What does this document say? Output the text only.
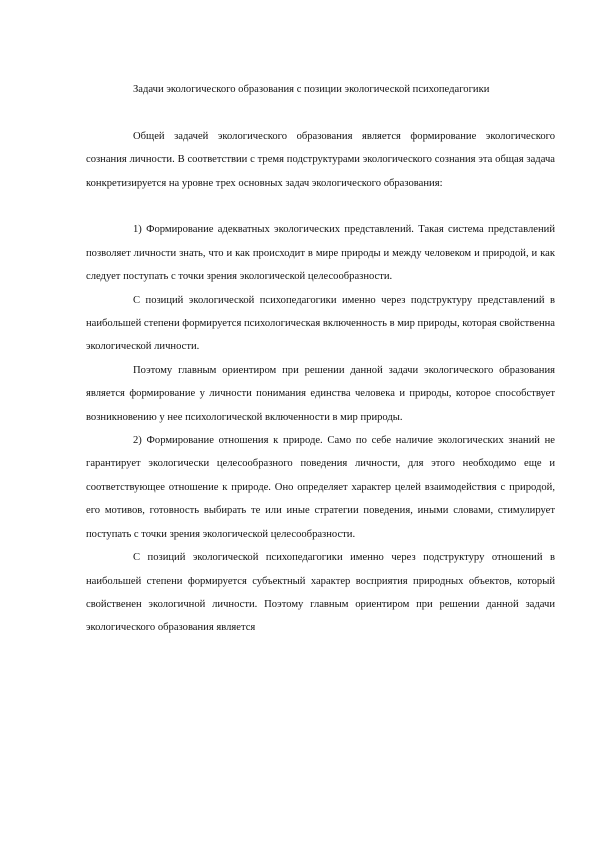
Задачи экологического образования с позиции экологической психопедагогики

Общей задачей экологического образования является формирование экологического сознания личности. В соответствии с тремя подструктурами экологического сознания эта общая задача конкретизируется на уровне трех основных задач экологического образования:

1) Формирование адекватных экологических представлений. Такая система представлений позволяет личности знать, что и как происходит в мире природы и между человеком и природой, и как следует поступать с точки зрения экологической целесообразности.

С позиций экологической психопедагогики именно через подструктуру представлений в наибольшей степени формируется психологическая включенность в мир природы, которая свойственна экологической личности.

Поэтому главным ориентиром при решении данной задачи экологического образования является формирование у личности понимания единства человека и природы, которое способствует возникновению у нее психологической включенности в мир природы.

2) Формирование отношения к природе. Само по себе наличие экологических знаний не гарантирует экологически целесообразного поведения личности, для этого необходимо еще и соответствующее отношение к природе. Оно определяет характер целей взаимодействия с природой, его мотивов, готовность выбирать те или иные стратегии поведения, иными словами, стимулирует поступать с точки зрения экологической целесообразности.

С позиций экологической психопедагогики именно через подструктуру отношений в наибольшей степени формируется субъектный характер восприятия природных объектов, который свойственен экологичной личности. Поэтому главным ориентиром при решении данной задачи экологического образования является
